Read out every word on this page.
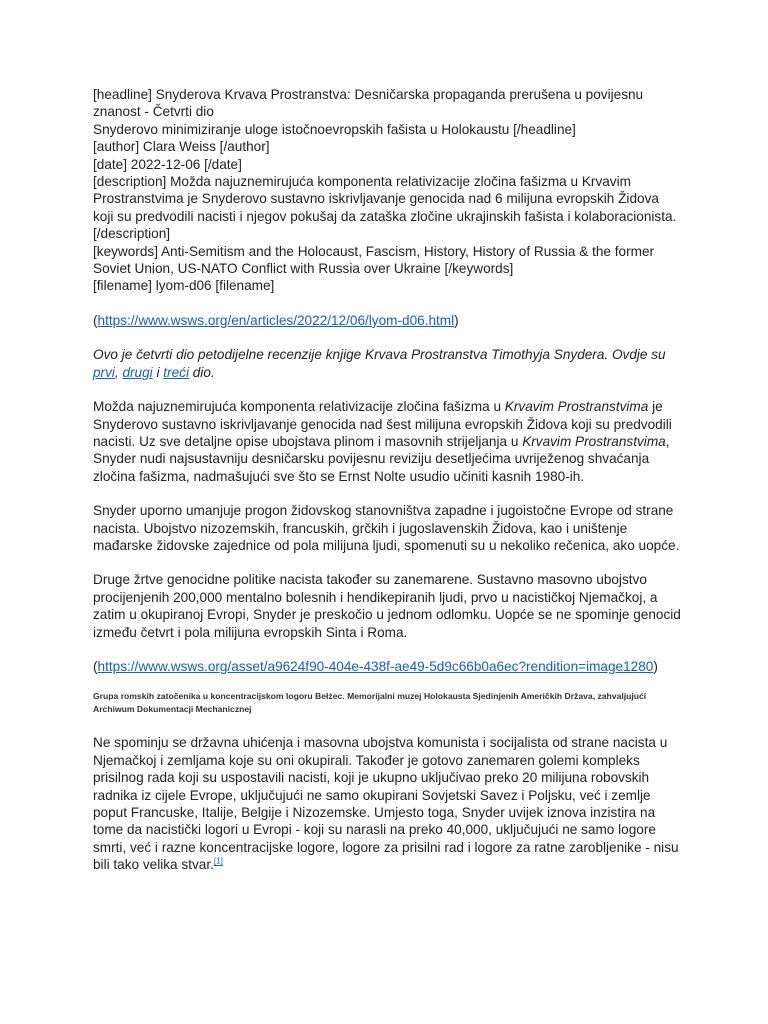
[headline] Snyderova Krvava Prostranstva: Desničarska propaganda prerušena u povijesnu znanost - Četvrti dio

Snyderovo minimiziranje uloge istočnoevropskih fašista u Holokaustu [/headline]

[author] Clara Weiss [/author]

[date] 2022-12-06 [/date]

[description] Možda najuznemirujuća komponenta relativizacije zločina fašizma u Krvavim Prostranstvima je Snyderovo sustavno iskrivljavanje genocida nad 6 milijuna evropskih Židova koji su predvodili nacisti i njegov pokušaj da zataška zločine ukrajinskih fašista i kolaboracionista. [/description]

[keywords] Anti-Semitism and the Holocaust, Fascism, History, History of Russia & the former Soviet Union, US-NATO Conflict with Russia over Ukraine [/keywords]

[filename] lyom-d06 [filename]

(https://www.wsws.org/en/articles/2022/12/06/lyom-d06.html)

Ovo je četvrti dio petodijelne recenzije knjige Krvava Prostranstva Timothyja Snydera. Ovdje su prvi, drugi i treći dio.

Možda najuznemirujuća komponenta relativizacije zločina fašizma u Krvavim Prostranstvima je Snyderovo sustavno iskrivljavanje genocida nad šest milijuna evropskih Židova koji su predvodili nacisti. Uz sve detaljne opise ubojstava plinom i masovnih strijeljanja u Krvavim Prostranstvima, Snyder nudi najsustavniju desničarsku povijesnu reviziju desetljećima uvriježenog shvaćanja zločina fašizma, nadmašujući sve što se Ernst Nolte usudio učiniti kasnih 1980-ih.

Snyder uporno umanjuje progon židovskog stanovništva zapadne i jugoistočne Evrope od strane nacista. Ubojstvo nizozemskih, francuskih, grčkih i jugoslavenskih Židova, kao i uništenje mađarske židovske zajednice od pola milijuna ljudi, spomenuti su u nekoliko rečenica, ako uopće.

Druge žrtve genocidne politike nacista također su zanemarene. Sustavno masovno ubojstvo procijenjenih 200,000 mentalno bolesnih i hendikepiranih ljudi, prvo u nacističkoj Njemačkoj, a zatim u okupiranoj Evropi, Snyder je preskočio u jednom odlomku. Uopće se ne spominje genocid između četvrt i pola milijuna evropskih Sinta i Roma.

(https://www.wsws.org/asset/a9624f90-404e-438f-ae49-5d9c66b0a6ec?rendition=image1280)

Grupa romskih zatočenika u koncentracijskom logoru Bełżec. Memorijalni muzej Holokausta Sjedinjenih Američkih Država, zahvaljujući Archiwum Dokumentacji Mechanicznej

Ne spominju se državna uhićenja i masovna ubojstva komunista i socijalista od strane nacista u Njemačkoj i zemljama koje su oni okupirali. Također je gotovo zanemaren golemi kompleks prisilnog rada koji su uspostavili nacisti, koji je ukupno uključivao preko 20 milijuna robovskih radnika iz cijele Evrope, uključujući ne samo okupirani Sovjetski Savez i Poljsku, već i zemlje poput Francuske, Italije, Belgije i Nizozemske. Umjesto toga, Snyder uvijek iznova inzistira na tome da nacistički logori u Evropi - koji su narasli na preko 40,000, uključujući ne samo logore smrti, već i razne koncentracijske logore, logore za prisilni rad i logore za ratne zarobljenike - nisu bili tako velika stvar.[1]
